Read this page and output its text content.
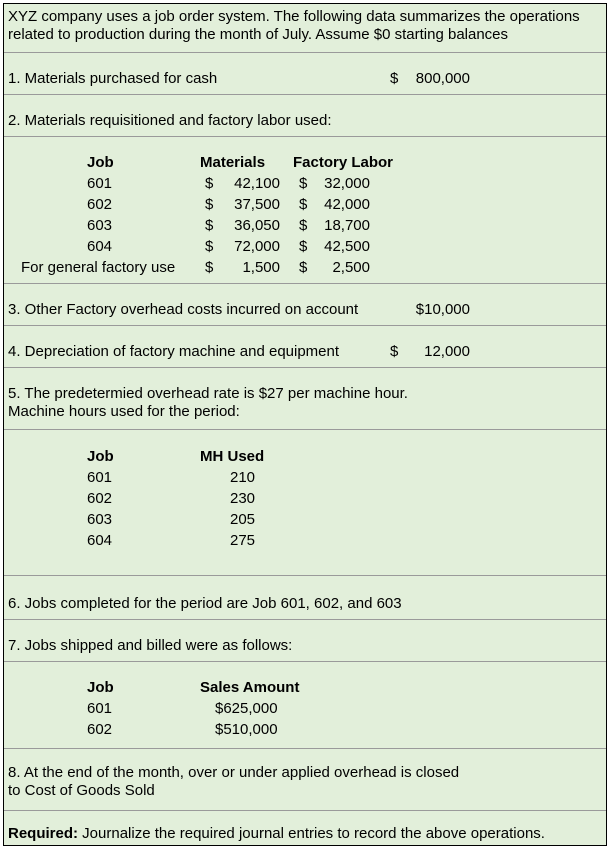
XYZ company uses a job order system. The following data summarizes the operations
related to production during the month of July. Assume $0 starting balances
1. Materials purchased for cash	$	800,000
2. Materials requisitioned and factory labor used:
Job	Materials Factory Labor
601	$	42,100 $	32,000
602	$	37,500 $	42,000
603	$	36,050 $	18,700
604	$	72,000 $	42,500
For general factory use $	1,500 $	2,500
3. Other Factory overhead costs incurred on account	$10,000
4. Depreciation of factory machine and equipment	$	12,000
5. The predetermied overhead rate is $27 per machine hour.
Machine hours used for the period:
Job	MH Used
601	210
602	230
603	205
604	275
6. Jobs completed for the period are Job 601, 602, and 603
7. Jobs shipped and billed were as follows:
Job	Sales Amount
601	$625,000
602	$510,000
8. At the end of the month, over or under applied overhead is closed
to Cost of Goods Sold
Required: Journalize the required journal entries to record the above operations.
